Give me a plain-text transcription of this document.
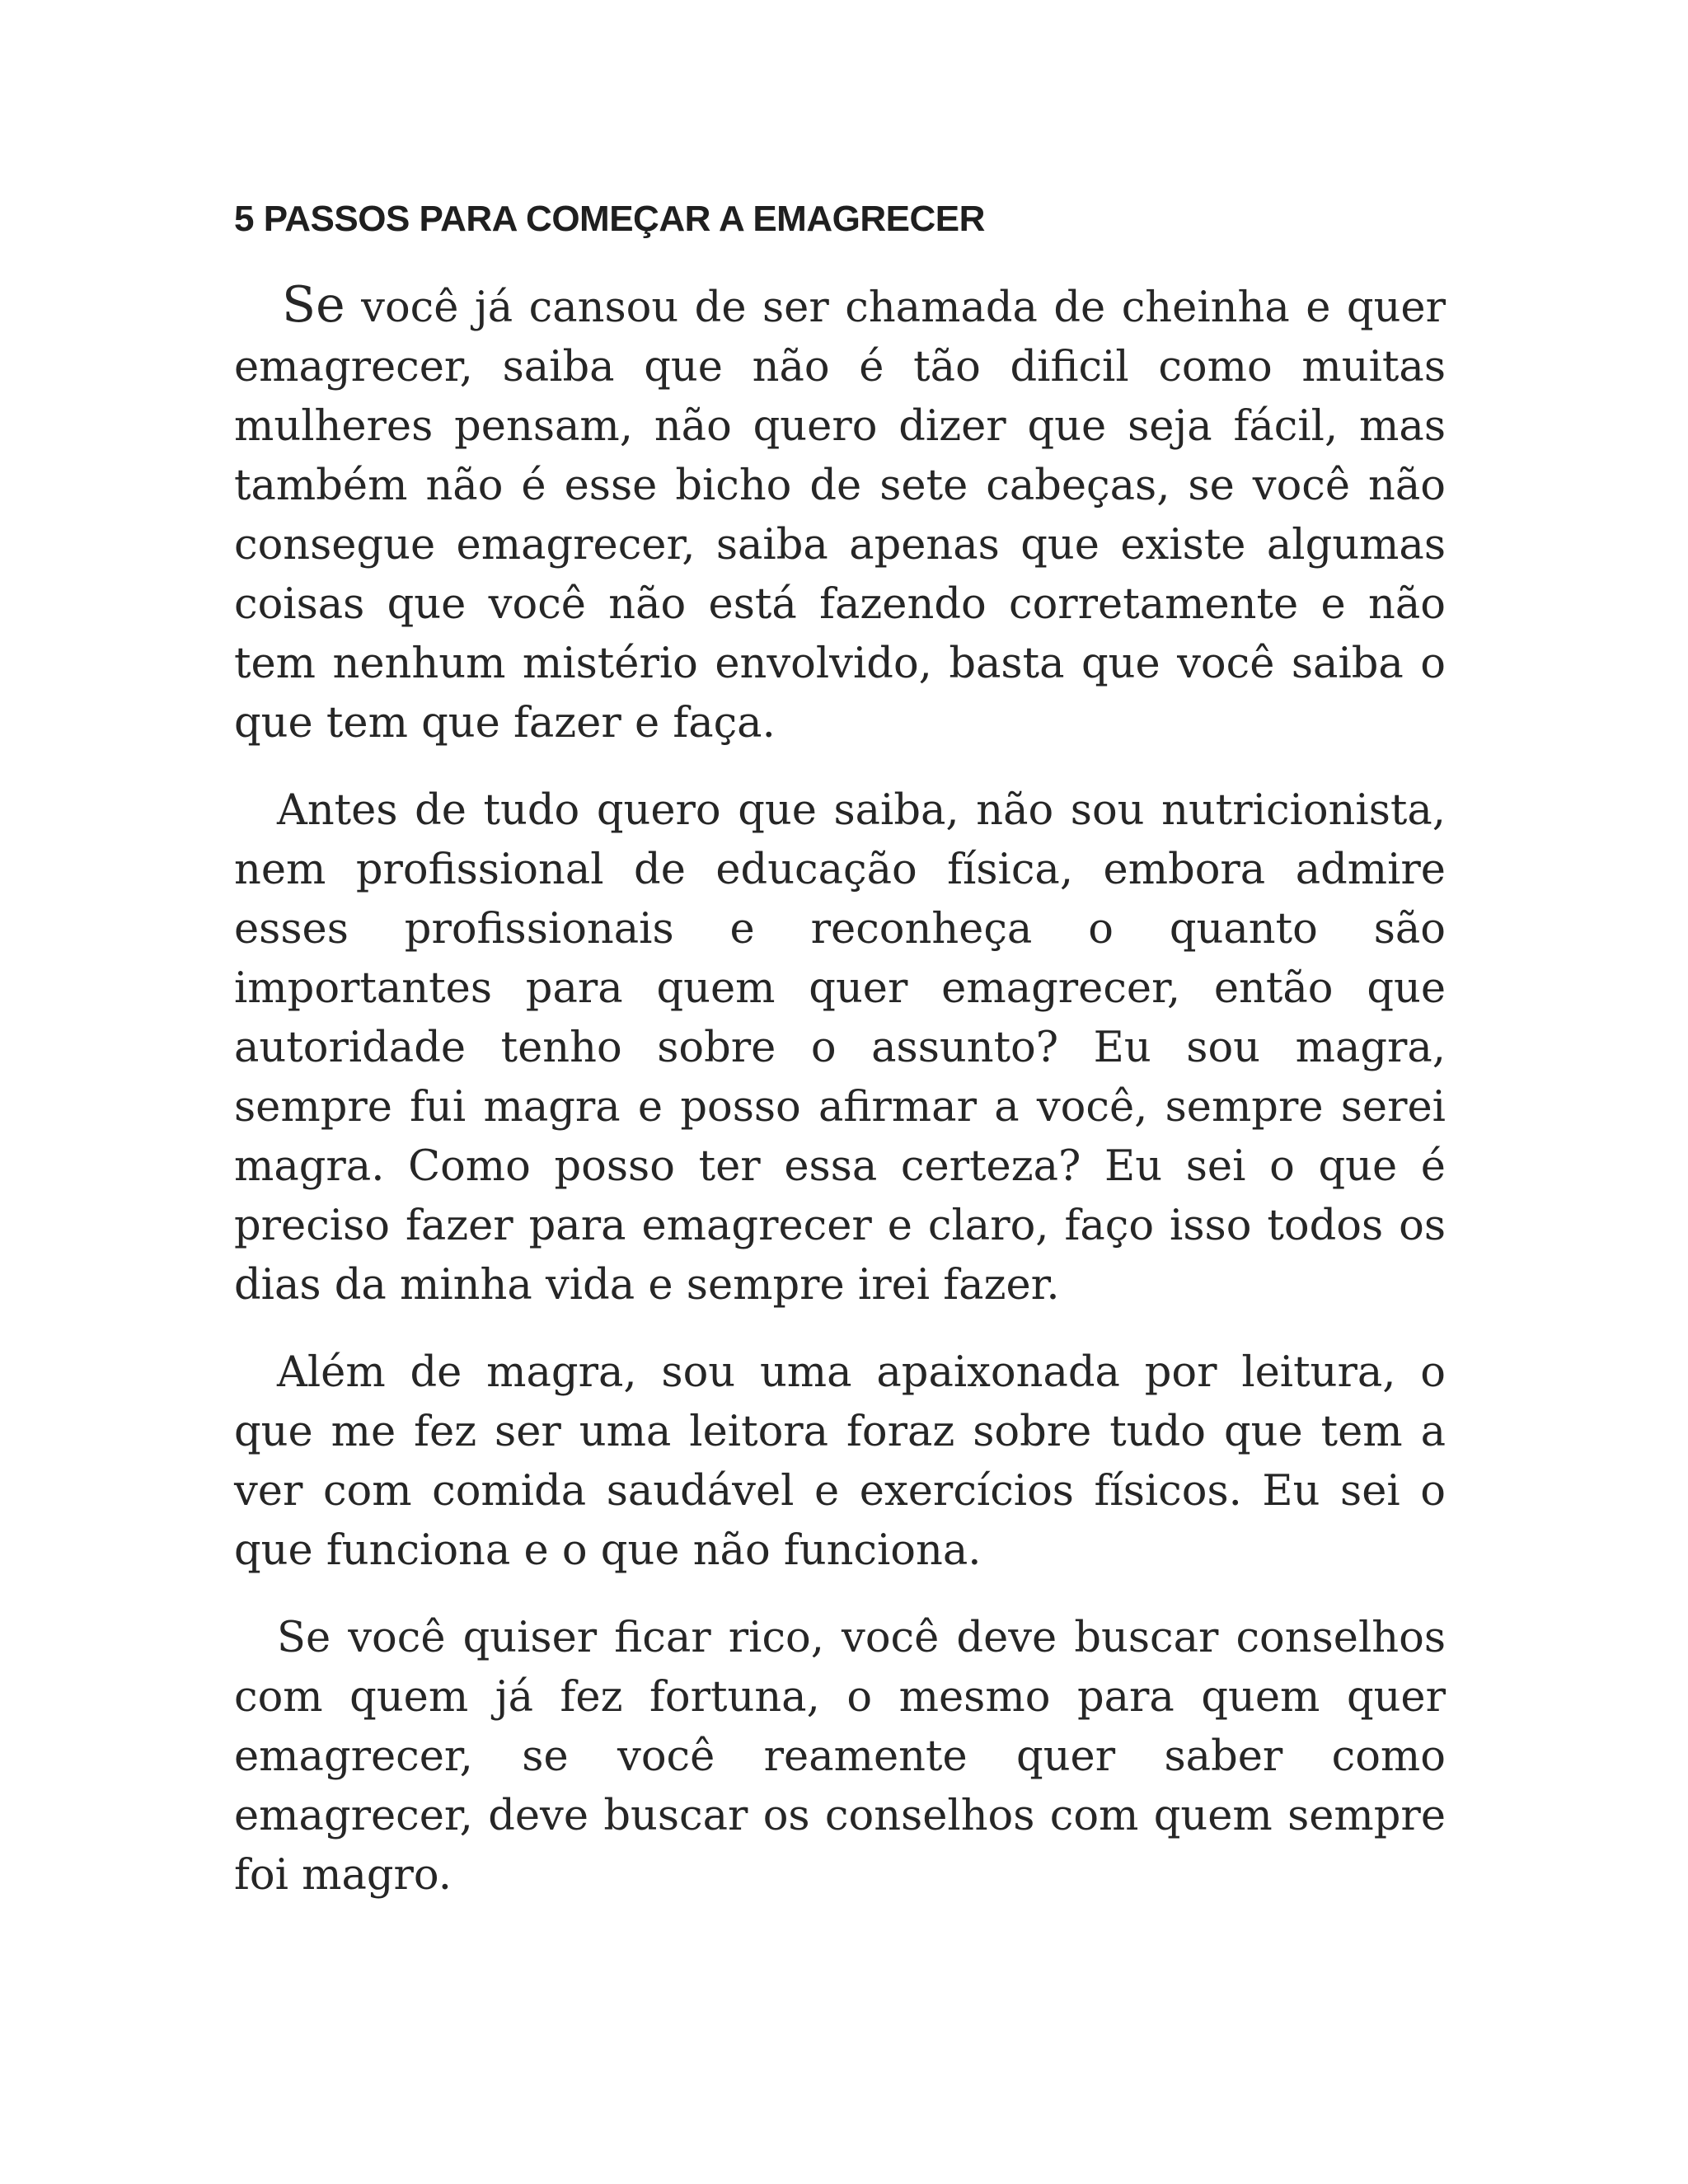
5 PASSOS PARA COMEÇAR A EMAGRECER

Se você já cansou de ser chamada de cheinha e quer emagrecer, saiba que não é tão dificil como muitas mulheres pensam, não quero dizer que seja fácil, mas também não é esse bicho de sete cabeças, se você não consegue emagrecer, saiba apenas que existe algumas coisas que você não está fazendo corretamente e não tem nenhum mistério envolvido, basta que você saiba o que tem que fazer e faça.

Antes de tudo quero que saiba, não sou nutricionista, nem profissional de educação física, embora admire esses profissionais e reconheça o quanto são importantes para quem quer emagrecer, então que autoridade tenho sobre o assunto? Eu sou magra, sempre fui magra e posso afirmar a você, sempre serei magra. Como posso ter essa certeza? Eu sei o que é preciso fazer para emagrecer e claro, faço isso todos os dias da minha vida e sempre irei fazer.

Além de magra, sou uma apaixonada por leitura, o que me fez ser uma leitora foraz sobre tudo que tem a ver com comida saudável e exercícios físicos. Eu sei o que funciona e o que não funciona.

Se você quiser ficar rico, você deve buscar conselhos com quem já fez fortuna, o mesmo para quem quer emagrecer, se você reamente quer saber como emagrecer, deve buscar os conselhos com quem sempre foi magro.
